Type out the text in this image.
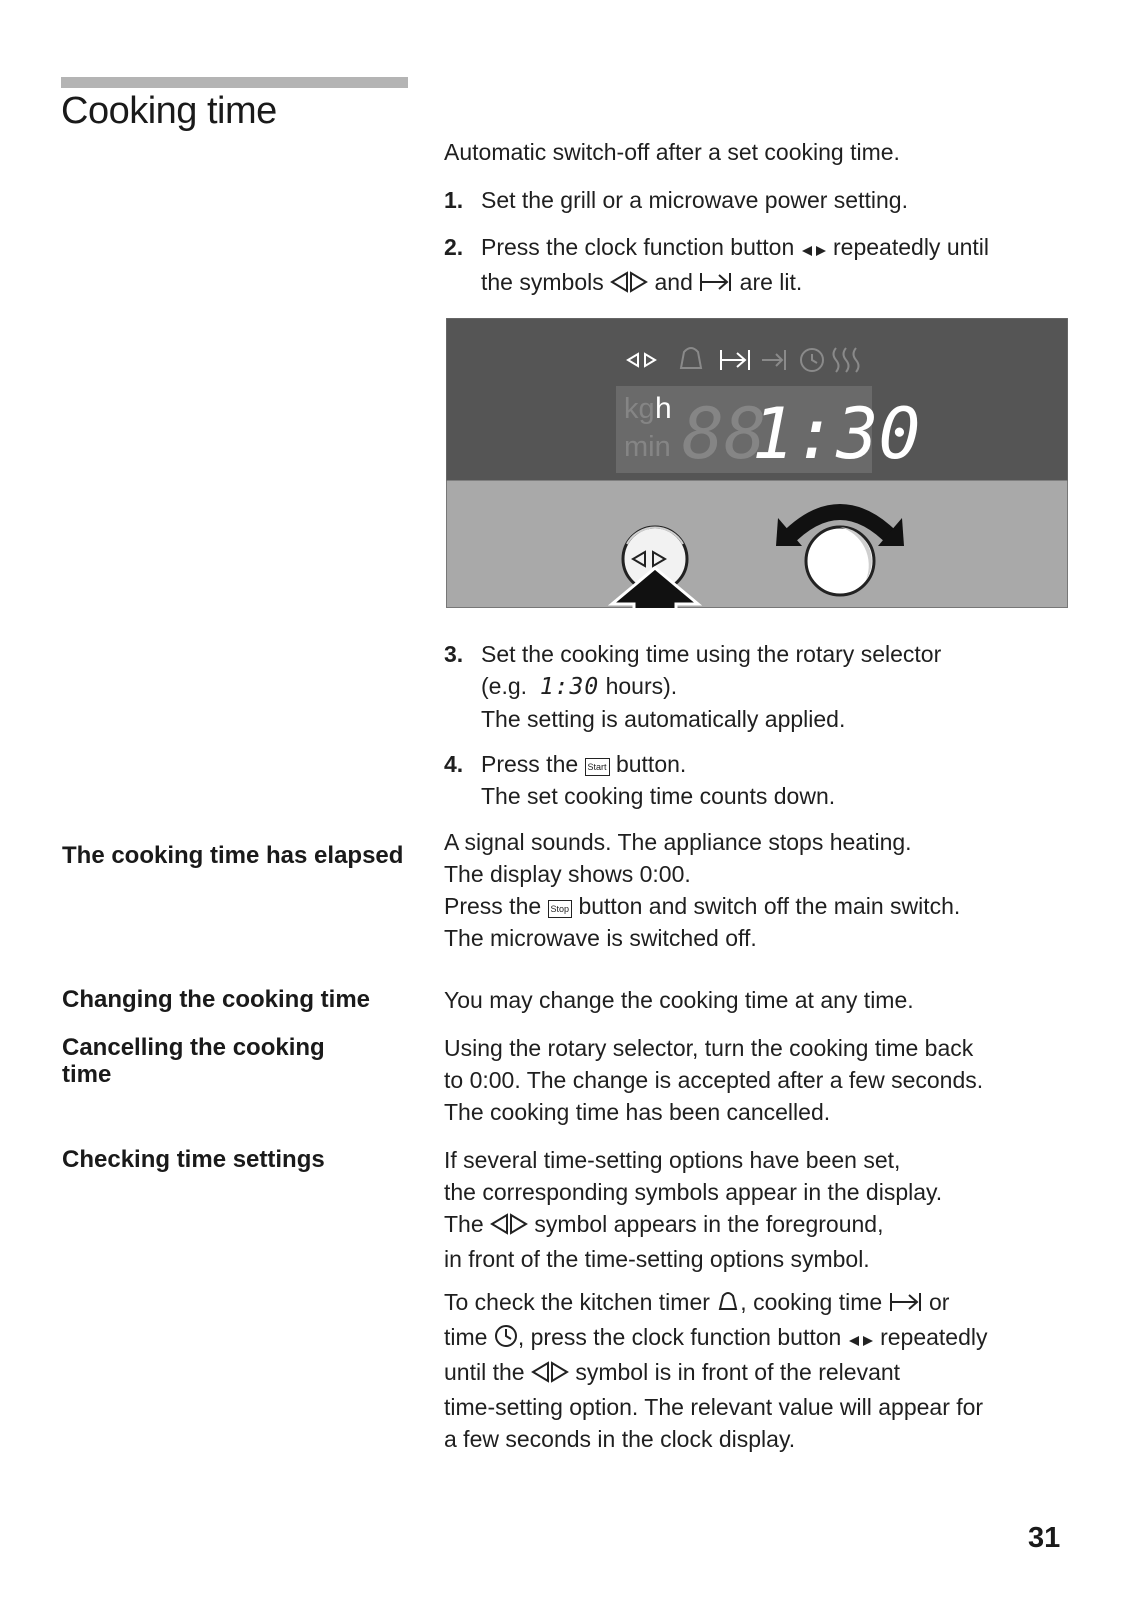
Cooking time
Automatic switch-off after a set cooking time.
1. Set the grill or a microwave power setting.
2. Press the clock function button repeatedly until
the symbols and are lit.
kg h
min 88
1:30
3. Set the cooking time using the rotary selector
(e.g. 1:30 hours).
The setting is automatically applied.
4. Press the Start button.
The set cooking time counts down.
The cooking time has elapsed A signal sounds. The appliance stops heating.
The display shows 0:00.
Press the Stop button and switch off the main switch.
The microwave is switched off.
Changing the cooking time	You may change the cooking time at any time.
Cancelling the cooking time
Using the rotary selector, turn the cooking time back
to 0:00. The change is accepted after a few seconds.
The cooking time has been cancelled.
Checking time settings	If several time-setting options have been set,
the corresponding symbols appear in the display.
The symbol appears in the foreground,
in front of the time-setting options symbol.
To check the kitchen timer , cooking time or
time , press the clock function button repeatedly
until the symbol is in front of the relevant
time-setting option. The relevant value will appear for
a few seconds in the clock display.
31
